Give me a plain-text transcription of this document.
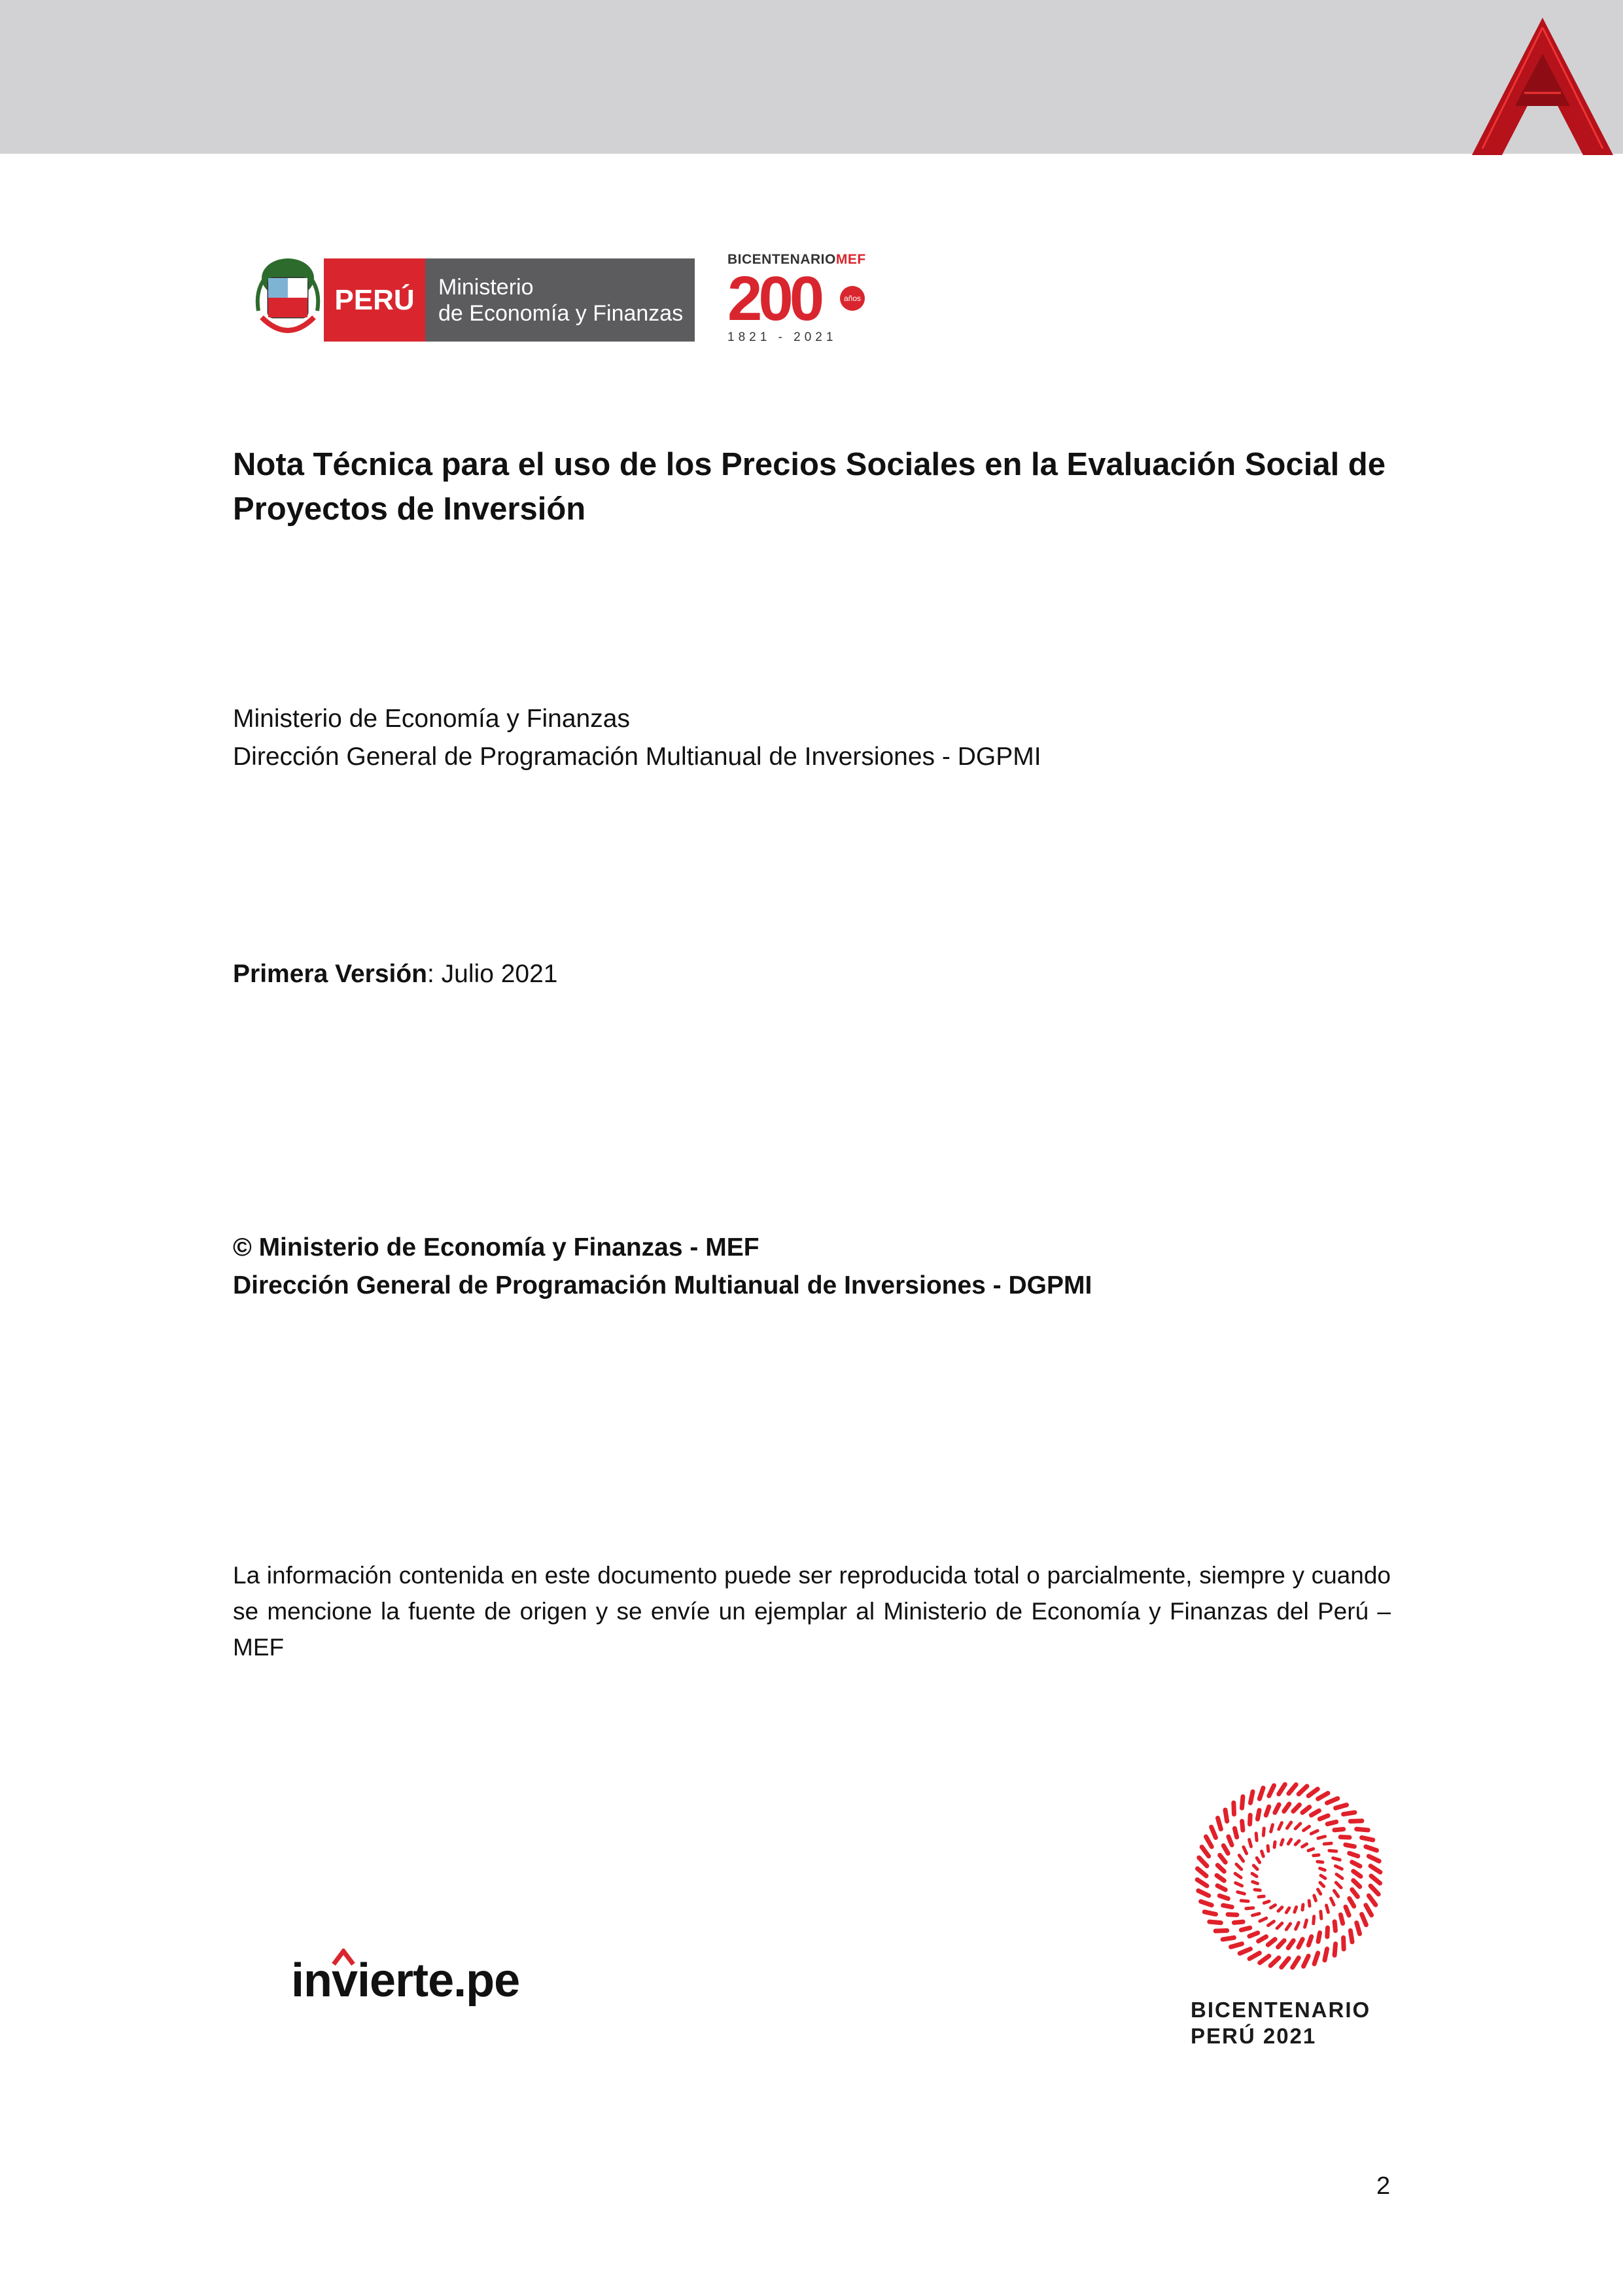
PERÚ	Ministerio
de Economía y Finanzas
BICENTENARIOMEF
200	años
1821 - 2021
Nota Técnica para el uso de los Precios Sociales en la Evaluación Social de
Proyectos de Inversión
Ministerio de Economía y Finanzas
Dirección General de Programación Multianual de Inversiones - DGPMI
Primera Versión: Julio 2021
© Ministerio de Economía y Finanzas - MEF
Dirección General de Programación Multianual de Inversiones - DGPMI
La información contenida en este documento puede ser reproducida total o parcialmente, siempre y cuando se mencione la fuente de origen y se envíe un ejemplar al Ministerio de Economía y Finanzas del Perú – MEF
invierte.pe
BICENTENARIO
PERÚ 2021
2
